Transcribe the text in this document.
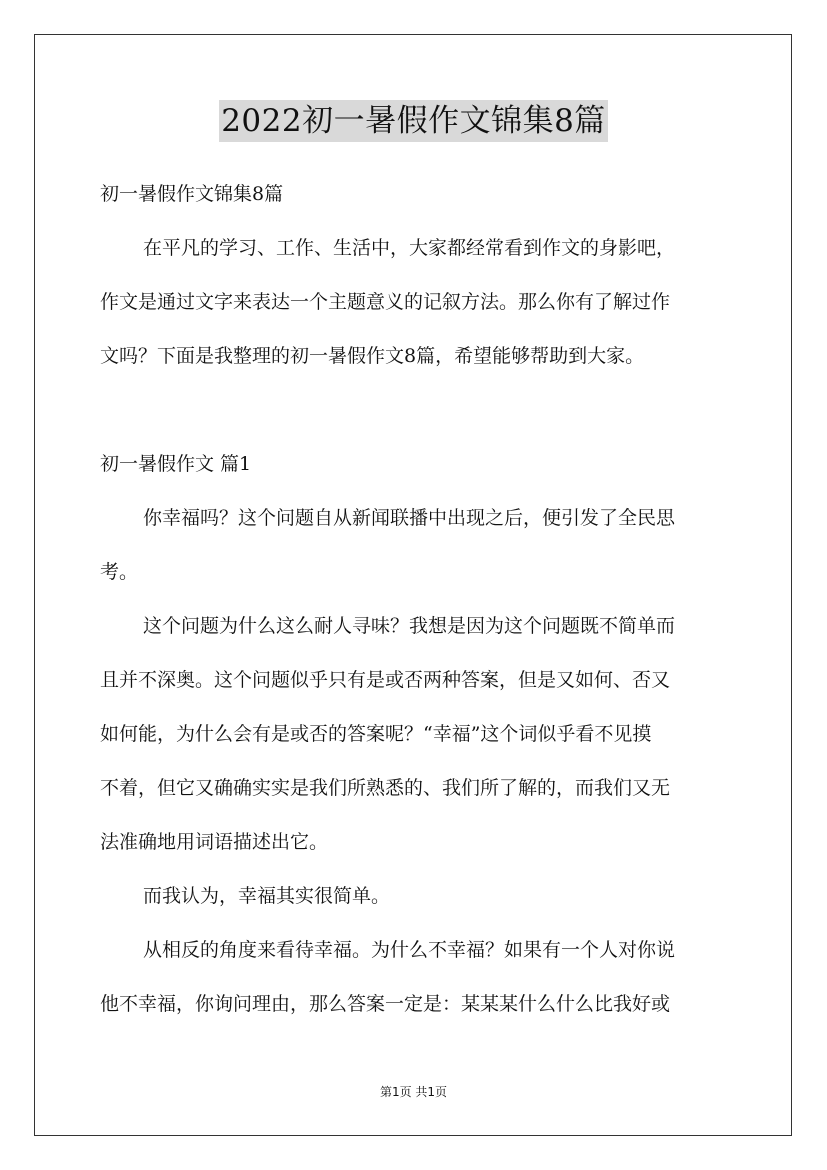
2022初一暑假作文锦集8篇
初一暑假作文锦集8篇
在平凡的学习、工作、生活中，大家都经常看到作文的身影吧，
作文是通过文字来表达一个主题意义的记叙方法。那么你有了解过作
文吗？下面是我整理的初一暑假作文8篇，希望能够帮助到大家。
初一暑假作文 篇1
你幸福吗？这个问题自从新闻联播中出现之后，便引发了全民思
考。
这个问题为什么这么耐人寻味？我想是因为这个问题既不简单而
且并不深奥。这个问题似乎只有是或否两种答案，但是又如何、否又
如何能，为什么会有是或否的答案呢？“幸福”这个词似乎看不见摸
不着，但它又确确实实是我们所熟悉的、我们所了解的，而我们又无
法准确地用词语描述出它。
而我认为，幸福其实很简单。
从相反的角度来看待幸福。为什么不幸福？如果有一个人对你说
他不幸福，你询问理由，那么答案一定是：某某某什么什么比我好或
第1页 共1页
